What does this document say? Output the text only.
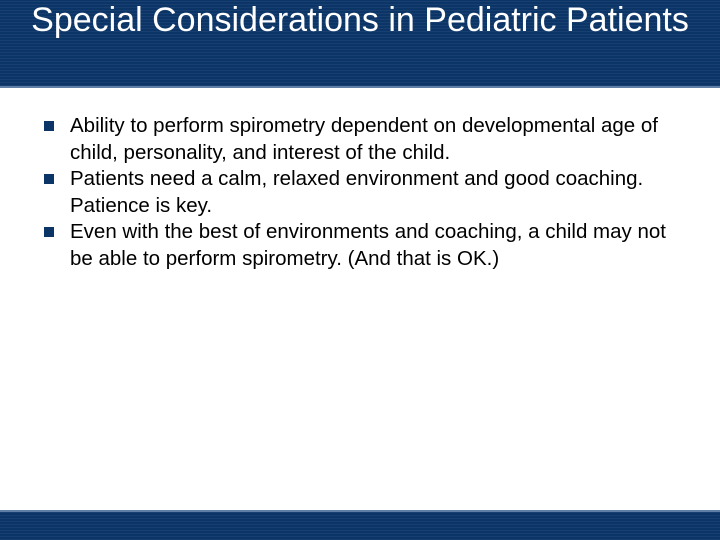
Special Considerations in Pediatric Patients
Ability to perform spirometry dependent on developmental age of child, personality, and interest of the child.
Patients need a calm, relaxed environment and good coaching. Patience is key.
Even with the best of environments and coaching, a child may not be able to perform spirometry. (And that is OK.)
